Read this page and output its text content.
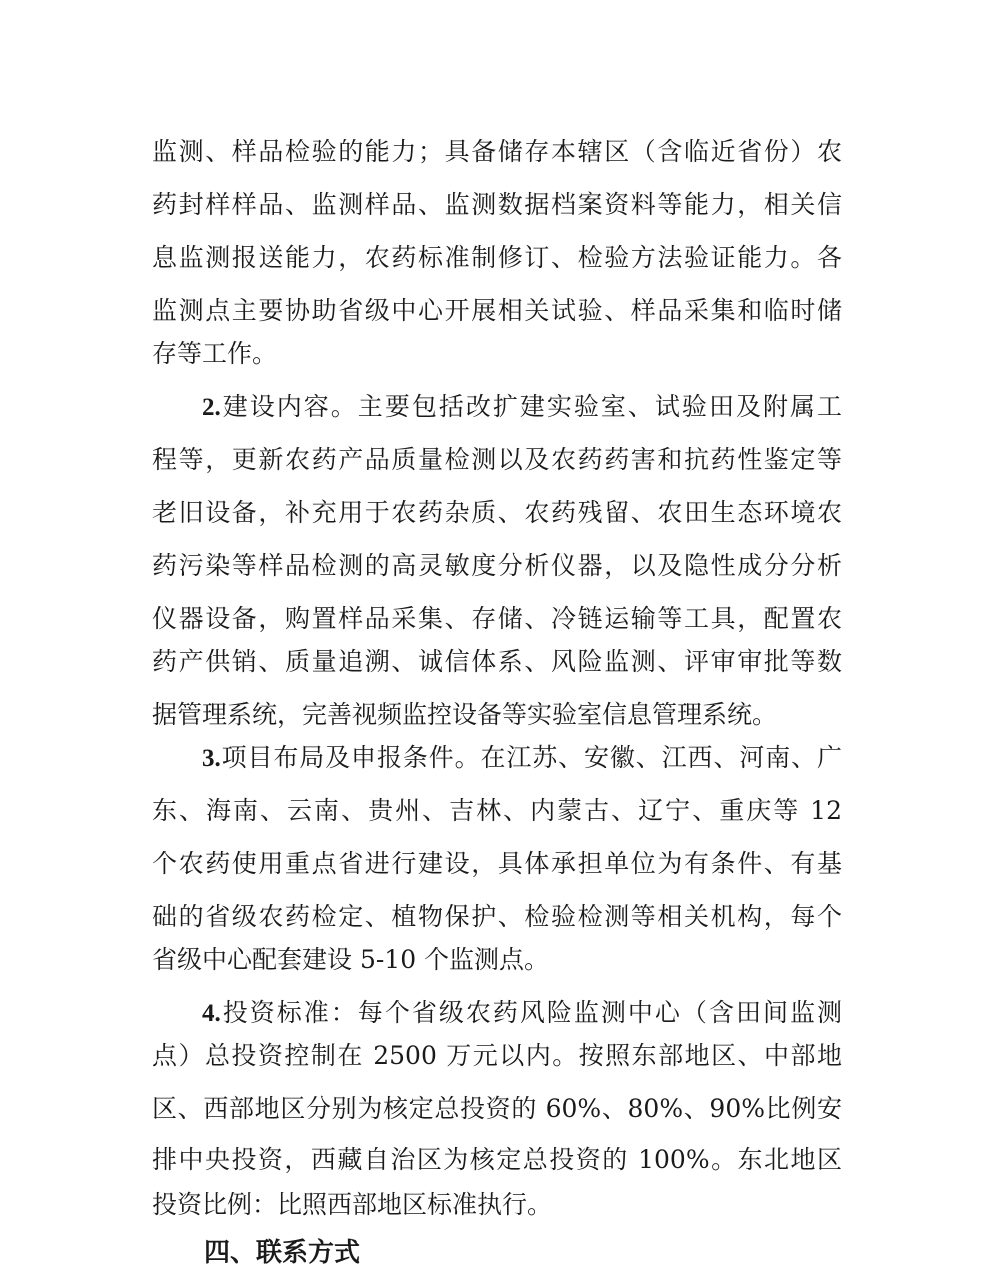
监测、样品检验的能力；具备储存本辖区（含临近省份）农
药封样样品、监测样品、监测数据档案资料等能力，相关信
息监测报送能力，农药标准制修订、检验方法验证能力。各
监测点主要协助省级中心开展相关试验、样品采集和临时储
存等工作。
2.建设内容。主要包括改扩建实验室、试验田及附属工
程等，更新农药产品质量检测以及农药药害和抗药性鉴定等
老旧设备，补充用于农药杂质、农药残留、农田生态环境农
药污染等样品检测的高灵敏度分析仪器，以及隐性成分分析
仪器设备，购置样品采集、存储、冷链运输等工具，配置农
药产供销、质量追溯、诚信体系、风险监测、评审审批等数
据管理系统，完善视频监控设备等实验室信息管理系统。
3.项目布局及申报条件。在江苏、安徽、江西、河南、广
东、海南、云南、贵州、吉林、内蒙古、辽宁、重庆等 12
个农药使用重点省进行建设，具体承担单位为有条件、有基
础的省级农药检定、植物保护、检验检测等相关机构，每个
省级中心配套建设 5-10 个监测点。
4.投资标准：每个省级农药风险监测中心（含田间监测
点）总投资控制在 2500 万元以内。按照东部地区、中部地
区、西部地区分别为核定总投资的 60%、80%、90%比例安
排中央投资，西藏自治区为核定总投资的 100%。东北地区
投资比例：比照西部地区标准执行。
四、联系方式
